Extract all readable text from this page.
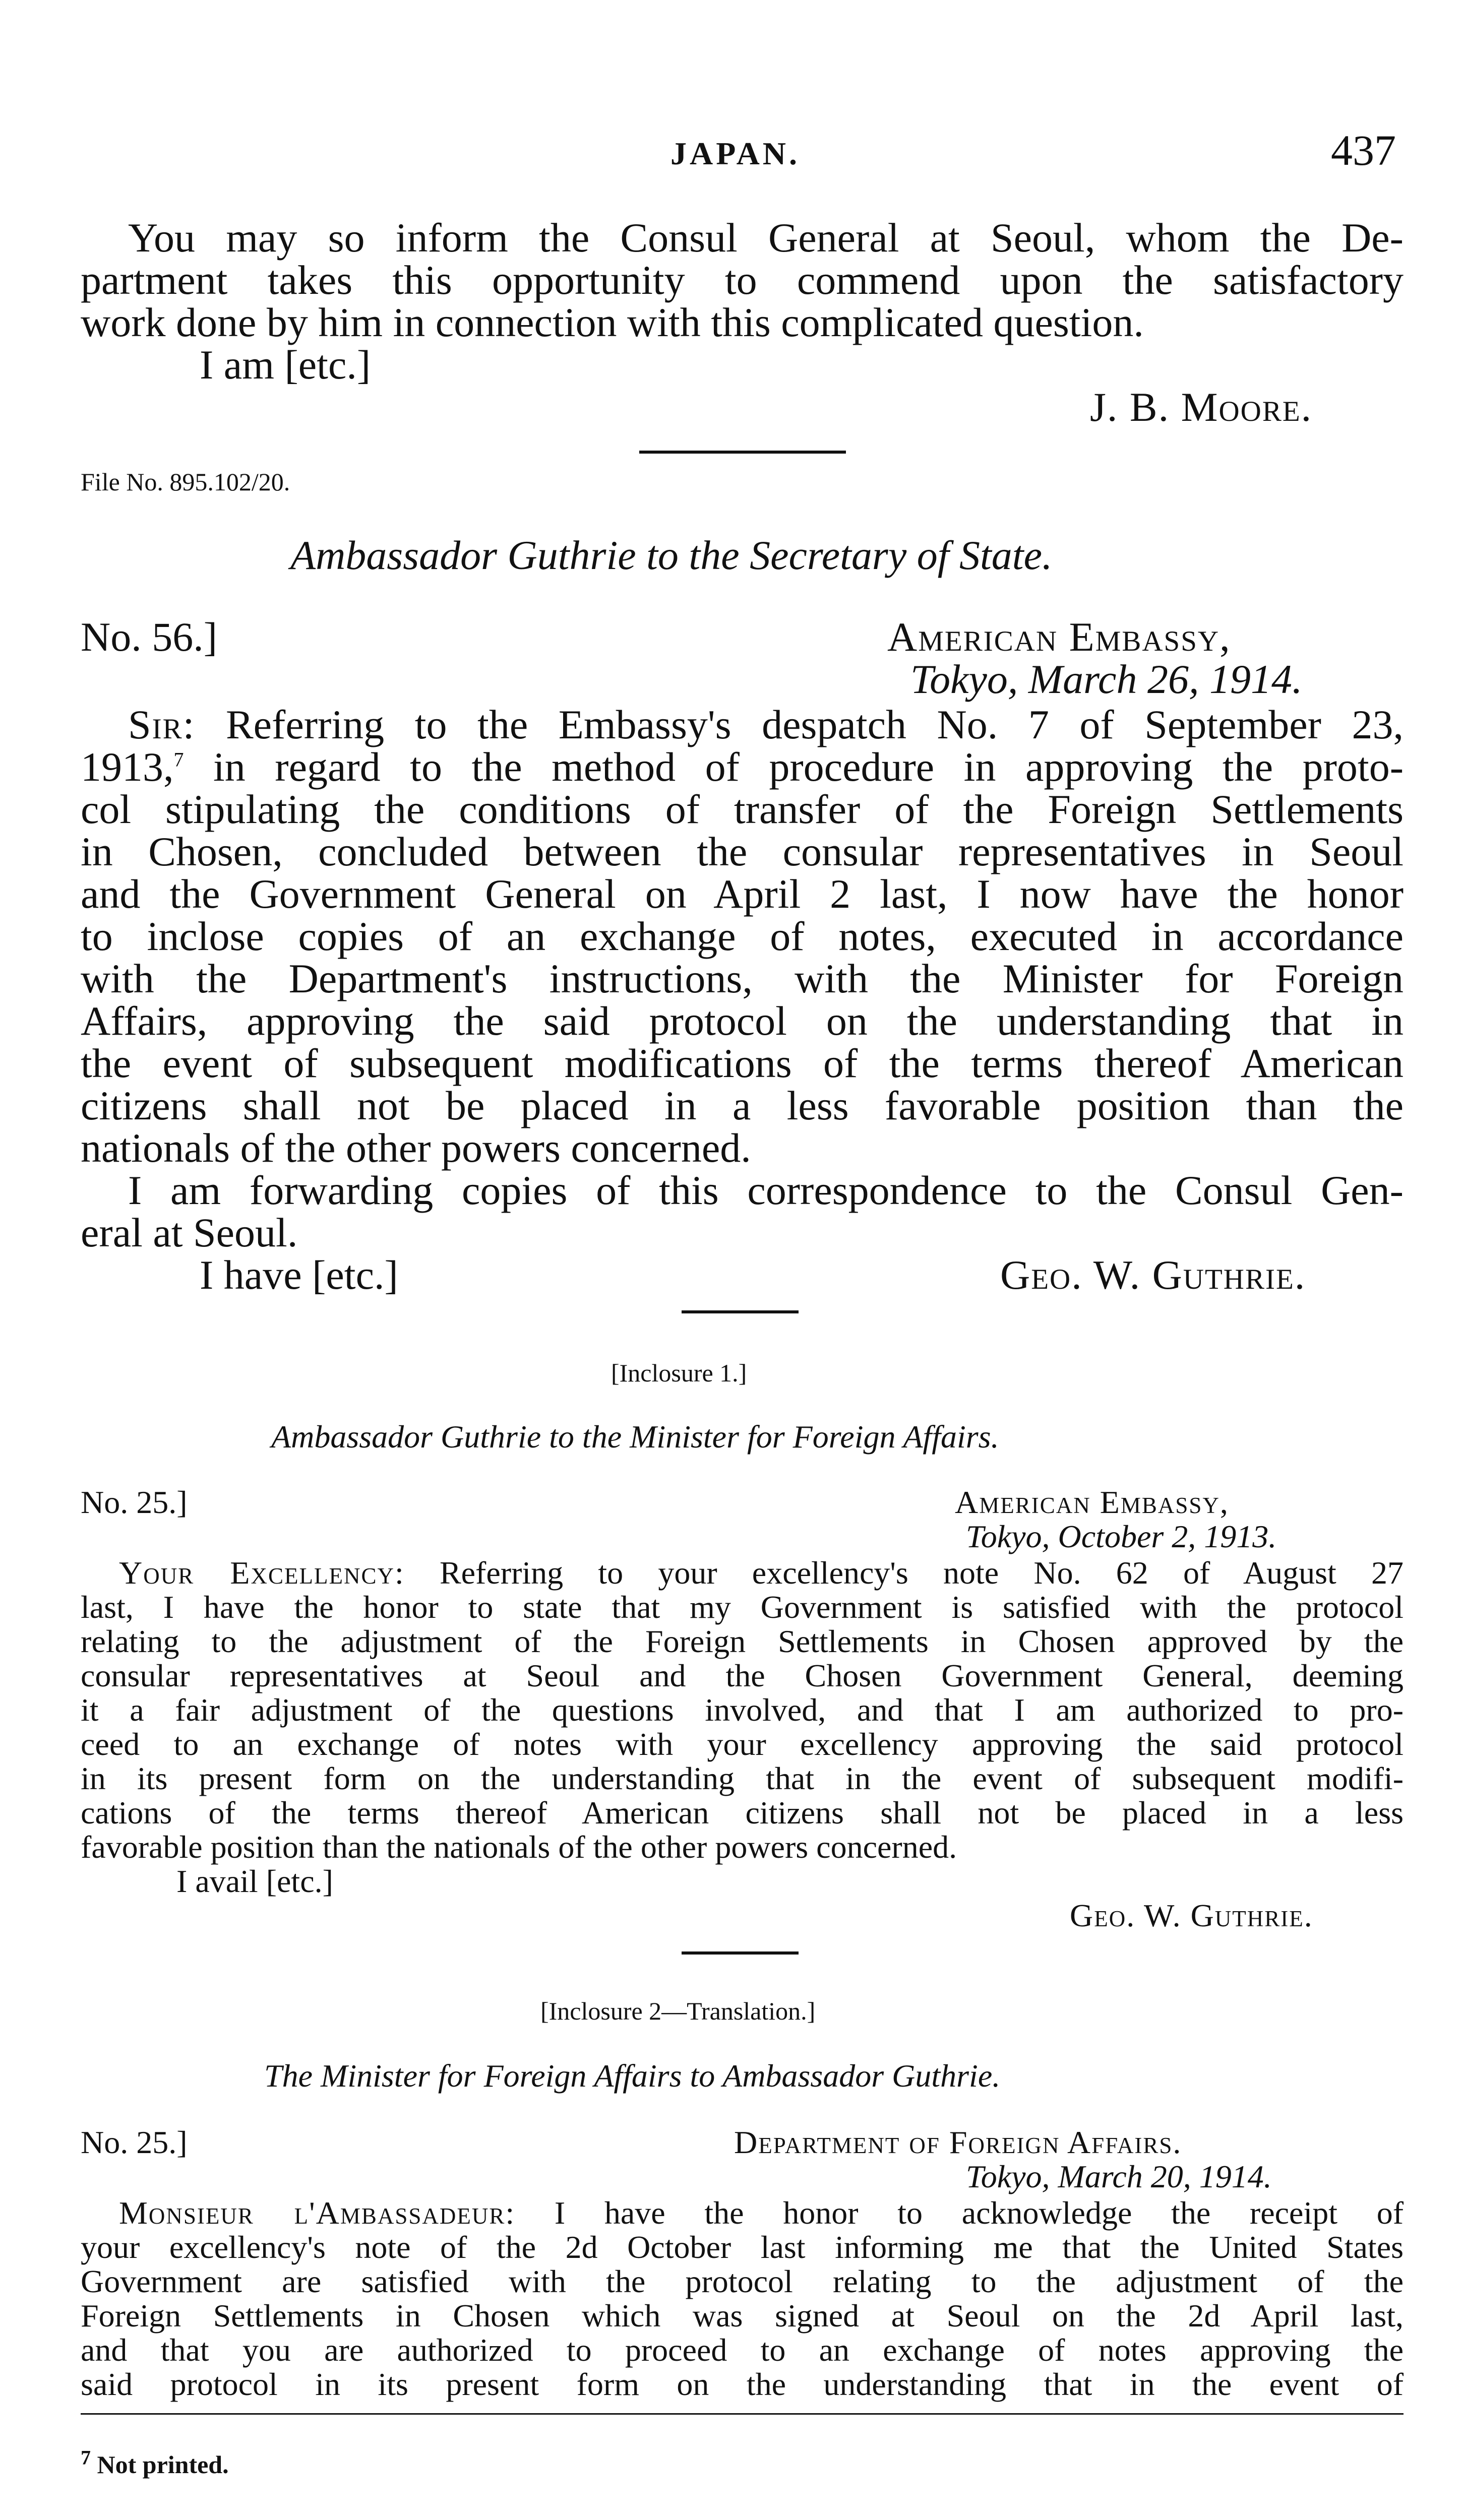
JAPAN.	437
You may so inform the Consul General at Seoul, whom the De-
partment takes this opportunity to commend upon the satisfactory
work done by him in connection with this complicated question.
I am [etc.]
J. B. Moore.
File No. 895.102/20.
Ambassador Guthrie to the Secretary of State.
No. 56.]	American Embassy,
Tokyo, March 26, 1914.
Sir: Referring to the Embassy's despatch No. 7 of September 23,
1913,$^7$ in regard to the method of procedure in approving the proto-
col stipulating the conditions of transfer of the Foreign Settlements
in Chosen, concluded between the consular representatives in Seoul
and the Government General on April 2 last, I now have the honor
to inclose copies of an exchange of notes, executed in accordance
with the Department's instructions, with the Minister for Foreign
Affairs, approving the said protocol on the understanding that in
the event of subsequent modifications of the terms thereof American
citizens shall not be placed in a less favorable position than the
nationals of the other powers concerned.
I am forwarding copies of this correspondence to the Consul Gen-
eral at Seoul.
I have [etc.]	Geo. W. Guthrie.
[Inclosure 1.]
Ambassador Guthrie to the Minister for Foreign Affairs.
No. 25.]	American Embassy,
Tokyo, October 2, 1913.
Your Excellency: Referring to your excellency's note No. 62 of August 27
last, I have the honor to state that my Government is satisfied with the protocol
relating to the adjustment of the Foreign Settlements in Chosen approved by the
consular representatives at Seoul and the Chosen Government General, deeming
it a fair adjustment of the questions involved, and that I am authorized to pro-
ceed to an exchange of notes with your excellency approving the said protocol
in its present form on the understanding that in the event of subsequent modifi-
cations of the terms thereof American citizens shall not be placed in a less
favorable position than the nationals of the other powers concerned.
I avail [etc.]
Geo. W. Guthrie.
[Inclosure 2—Translation.]
The Minister for Foreign Affairs to Ambassador Guthrie.
No. 25.]	Department of Foreign Affairs.
Tokyo, March 20, 1914.
Monsieur l'Ambassadeur: I have the honor to acknowledge the receipt of
your excellency's note of the 2d October last informing me that the United States
Government are satisfied with the protocol relating to the adjustment of the
Foreign Settlements in Chosen which was signed at Seoul on the 2d April last,
and that you are authorized to proceed to an exchange of notes approving the
said protocol in its present form on the understanding that in the event of
$^7$ Not printed.
